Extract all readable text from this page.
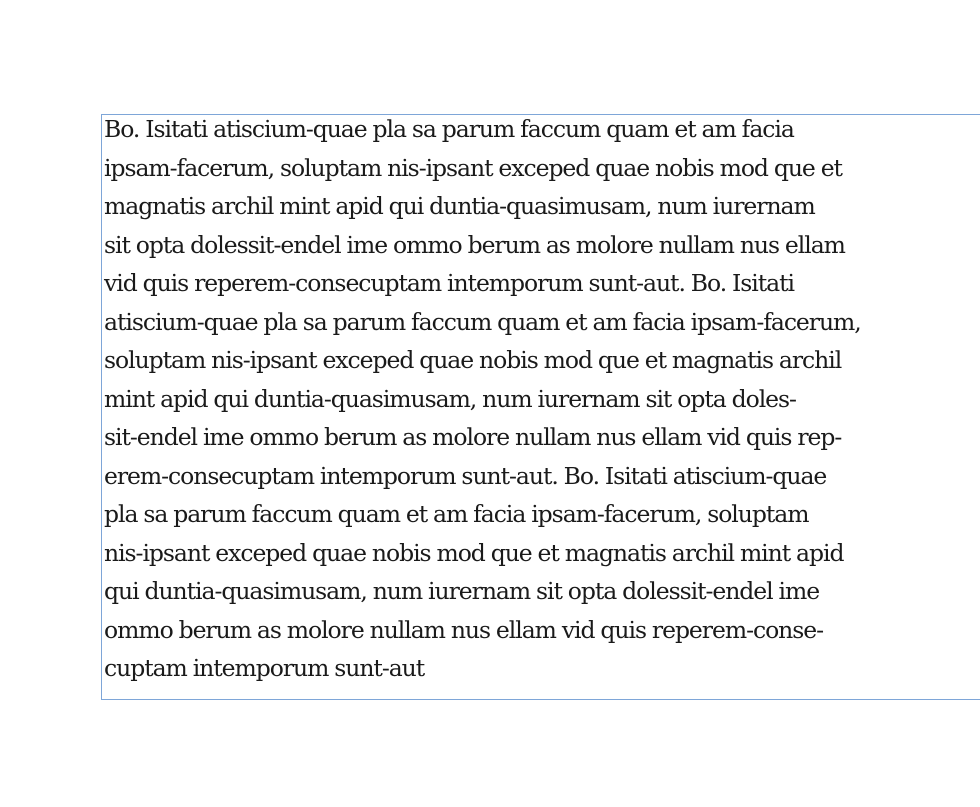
Bo. Isitati atiscium-quae pla sa parum faccum quam et am facia
ipsam-facerum, soluptam nis-ipsant exceped quae nobis mod que et
magnatis archil mint apid qui duntia-quasimusam, num iurernam
sit opta dolessit-endel ime ommo berum as molore nullam nus ellam
vid quis reperem-consecuptam intemporum sunt-aut. Bo. Isitati
atiscium-quae pla sa parum faccum quam et am facia ipsam-facerum,
soluptam nis-ipsant exceped quae nobis mod que et magnatis archil
mint apid qui duntia-quasimusam, num iurernam sit opta doles-
sit-endel ime ommo berum as molore nullam nus ellam vid quis rep-
erem-consecuptam intemporum sunt-aut. Bo. Isitati atiscium-quae
pla sa parum faccum quam et am facia ipsam-facerum, soluptam
nis-ipsant exceped quae nobis mod que et magnatis archil mint apid
qui duntia-quasimusam, num iurernam sit opta dolessit-endel ime
ommo berum as molore nullam nus ellam vid quis reperem-conse-
cuptam intemporum sunt-aut
